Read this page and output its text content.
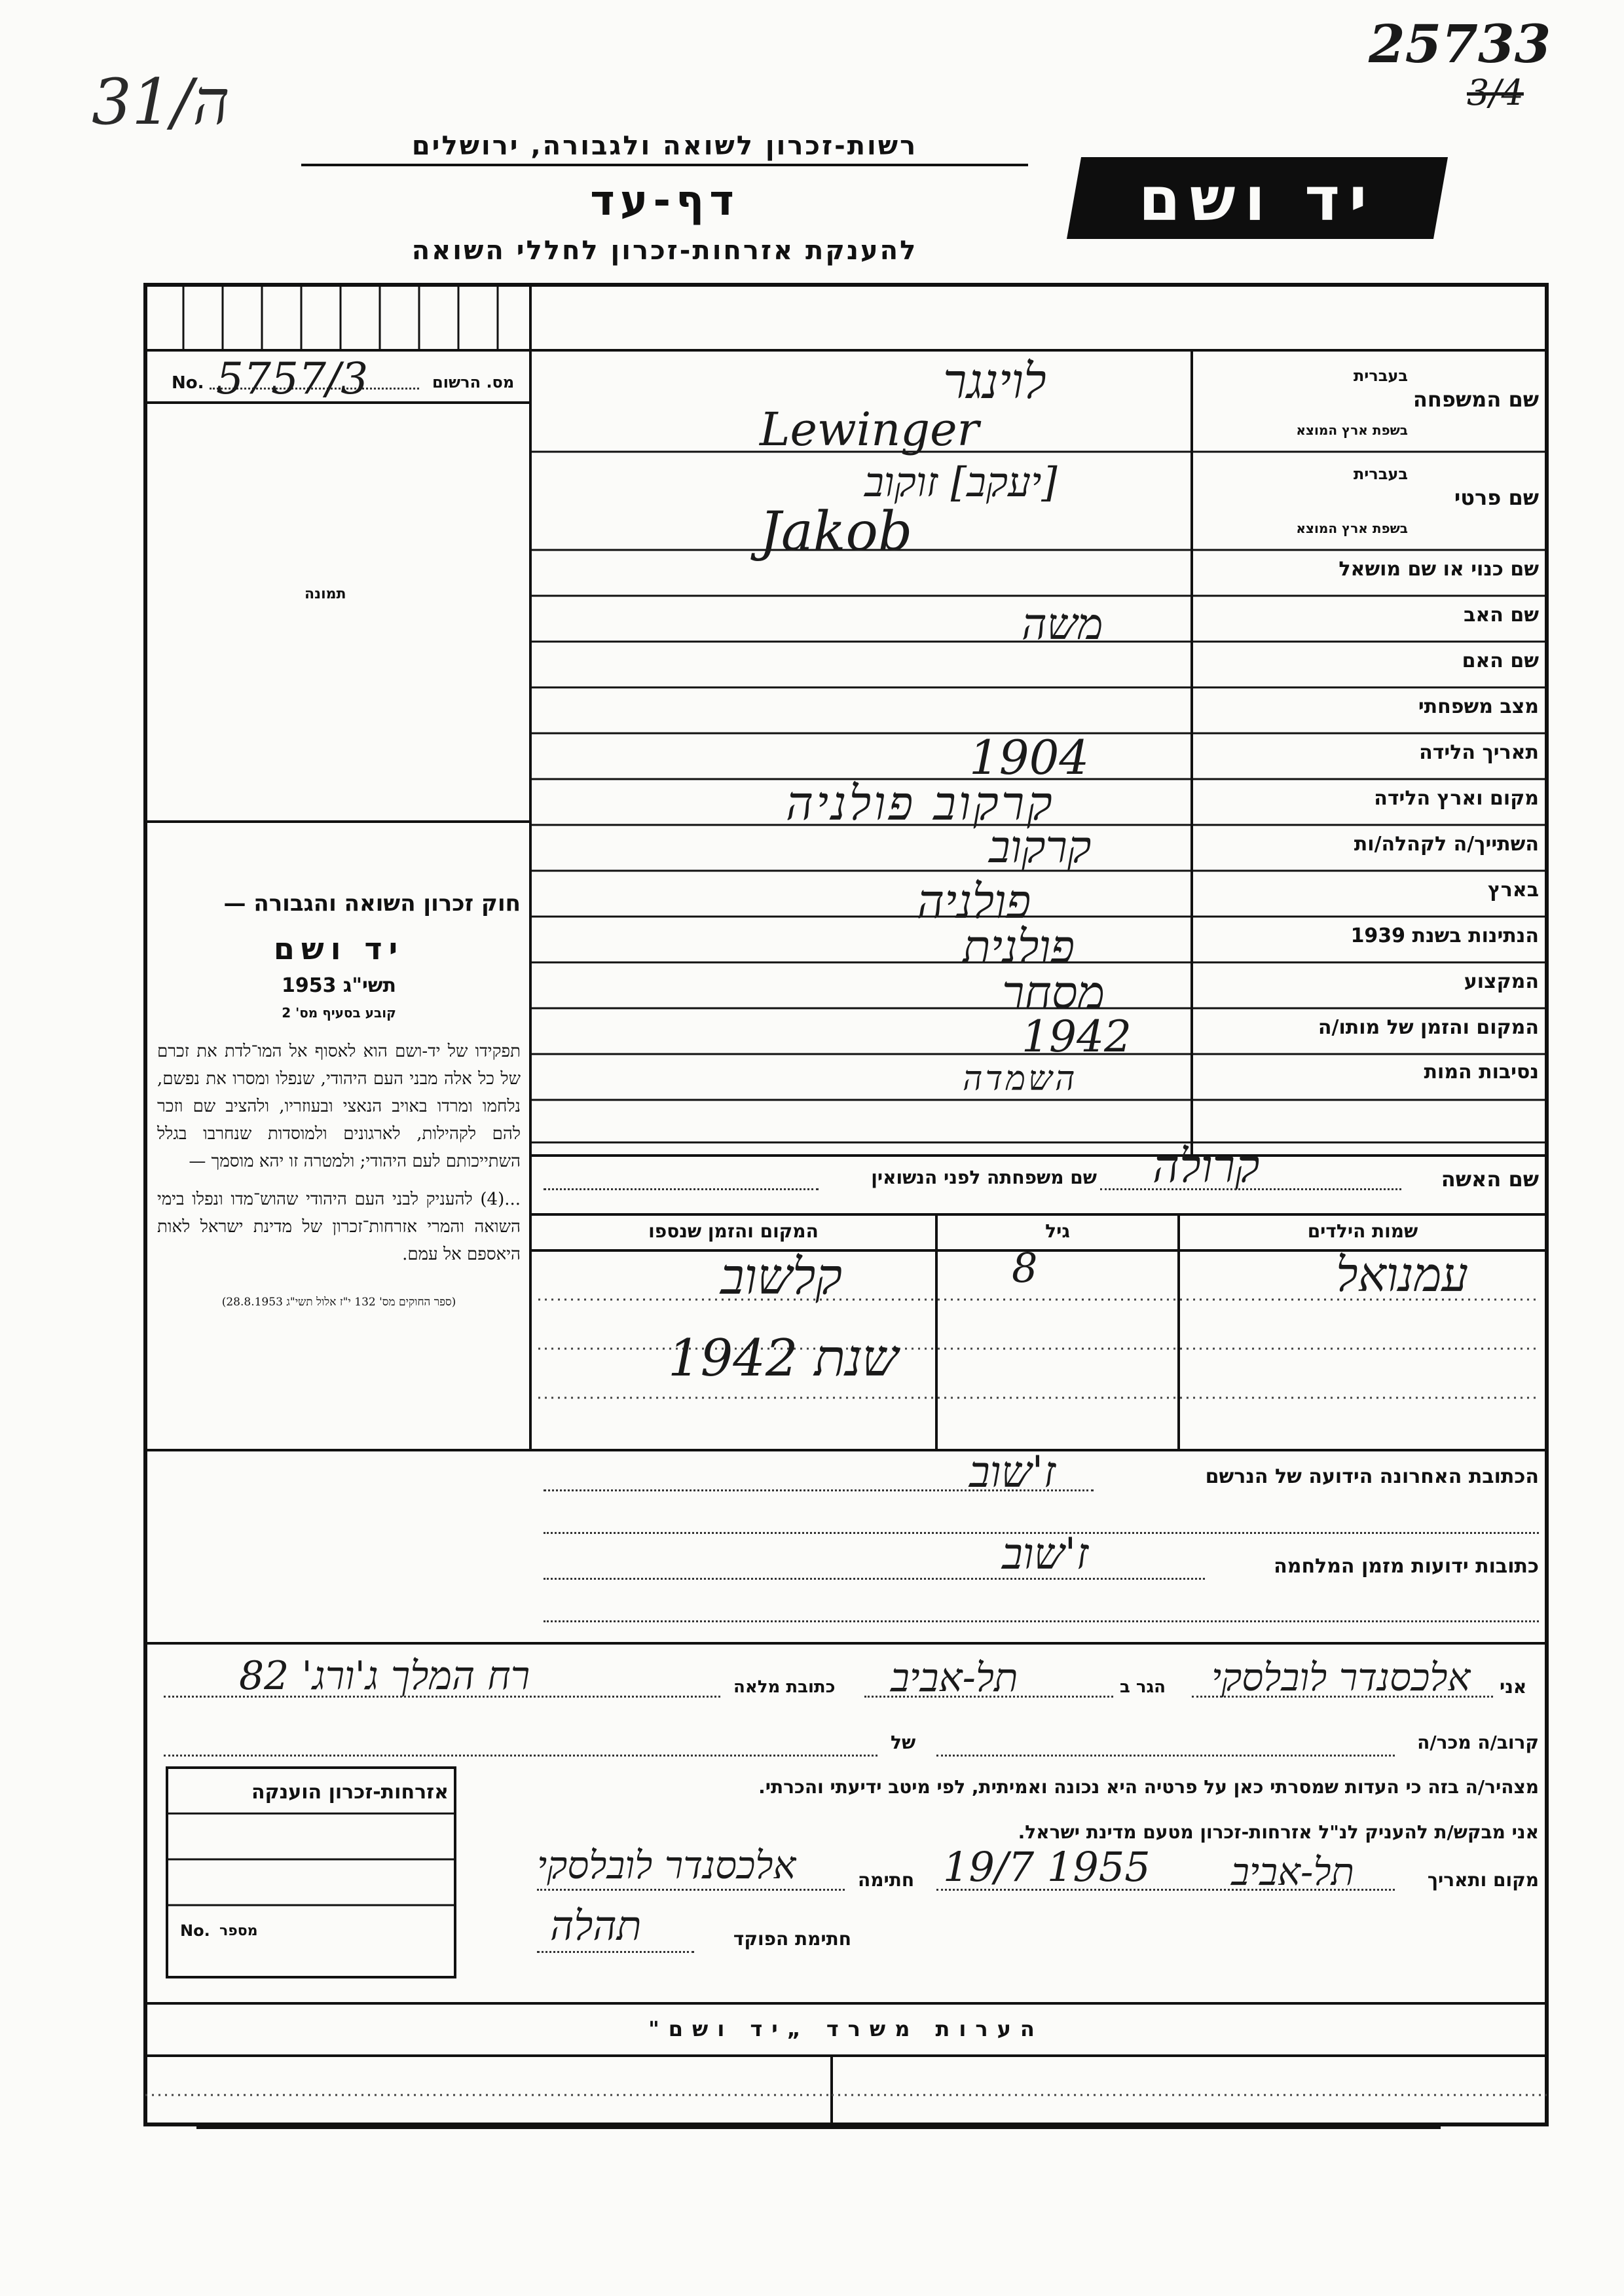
31/ה
25733
3/4
רשות-זכרון לשואה ולגבורה, ירושלים
דף-עד
להענקת אזרחות-זכרון לחללי השואה
יד ושם
No. 5757/3	מס. הרשום
תמונה
חוק זכרון השואה והגבורה —
יד ושם
תשי"ג 1953
קובע בסעיף מס' 2
תפקידו של יד-ושם הוא לאסוף אל המו־לדת את זכרם של כל אלה מבני העם היהודי, שנפלו ומסרו את נפשם, נלחמו ומרדו באויב הנאצי ובעוזריו, ולהציב שם וזכר להם לקהילות, לארגונים ולמוסדות שנחרבו בגלל השתייכותם לעם היהודי; ולמטרה זו יהא מוסמך —
...(4) להעניק לבני העם היהודי שהוש־מדו ונפלו בימי השואה והמרי אזרחות־זכרון של מדינת ישראל לאות היאספם אל עמם.
(ספר החוקים מס' 132 י"ז אלול תשי"ג 28.8.1953)
שם המשפחה
בעברית
בשפת ארץ המוצא
שם פרטי
בעברית
בשפת ארץ המוצא
שם כנוי או שם מושאל
שם האב
שם האם
מצב משפחתי
תאריך הלידה
מקום וארץ הלידה
השתייך/ה לקהלה/ות
בארץ
הנתינות בשנת 1939
המקצוע
המקום והזמן של מותו/ה
נסיבות המות
לוינגר
Lewinger
[יעקב] זוקוב
Jakob
משה
1904
קרקוב פולניה
קרקוב
פולניה
פולנית
מסחר
1942
השמדה
שם האשה
קרולה
שם משפחתה לפני הנשואין
שמות הילדים
גיל
המקום והזמן שנספו
עמנואל
8
קלשוב
שנת 1942
הכתובת האחרונה הידועה של הנרשם
ז'שוב
כתובות ידועות מזמן המלחמה
ז'שוב
אני
אלכסנדר לובלסקי
הגר ב
תל-אביב
כתובת מלאה
רח המלך ג'ורג' 82
קרוב/ה מכר/ה
של
מצהיר/ה בזה כי העדות שמסרתי כאן על פרטיה היא נכונה ואמיתית, לפי מיטב ידיעתי והכרתי.
אני מבקש/ת להעניק לנ"ל אזרחות-זכרון מטעם מדינת ישראל.
מקום ותאריך
תל-אביב
19/7 1955
חתימה
אלכסנדר לובלסקי
חתימת הפוקד
תהלה
אזרחות-זכרון הוענקה
No. מספר
הערות משרד „יד ושם"
